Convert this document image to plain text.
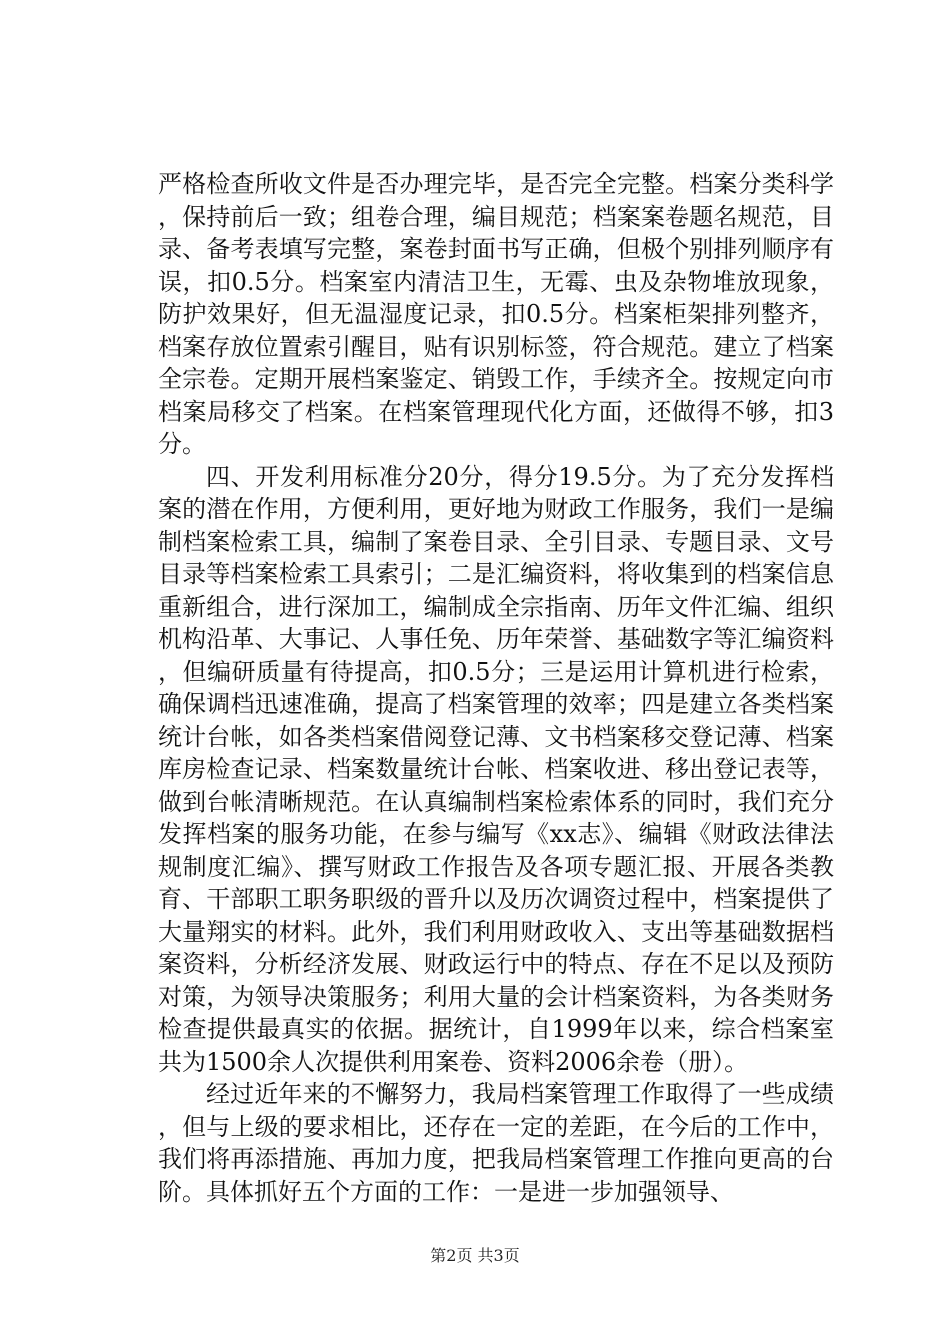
严格检查所收文件是否办理完毕，是否完全完整。档案分类科学，保持前后一致；组卷合理，编目规范；档案案卷题名规范，目录、备考表填写完整，案卷封面书写正确，但极个别排列顺序有误，扣0.5分。档案室内清洁卫生，无霉、虫及杂物堆放现象，防护效果好，但无温湿度记录，扣0.5分。档案柜架排列整齐，档案存放位置索引醒目，贴有识别标签，符合规范。建立了档案全宗卷。定期开展档案鉴定、销毁工作，手续齐全。按规定向市档案局移交了档案。在档案管理现代化方面，还做得不够，扣3分。

四、开发利用标准分20分，得分19.5分。为了充分发挥档案的潜在作用，方便利用，更好地为财政工作服务，我们一是编制档案检索工具，编制了案卷目录、全引目录、专题目录、文号目录等档案检索工具索引；二是汇编资料，将收集到的档案信息重新组合，进行深加工，编制成全宗指南、历年文件汇编、组织机构沿革、大事记、人事任免、历年荣誉、基础数字等汇编资料，但编研质量有待提高，扣0.5分；三是运用计算机进行检索，确保调档迅速准确，提高了档案管理的效率；四是建立各类档案统计台帐，如各类档案借阅登记薄、文书档案移交登记薄、档案库房检查记录、档案数量统计台帐、档案收进、移出登记表等，做到台帐清晰规范。在认真编制档案检索体系的同时，我们充分发挥档案的服务功能，在参与编写《xx志》、编辑《财政法律法规制度汇编》、撰写财政工作报告及各项专题汇报、开展各类教育、干部职工职务职级的晋升以及历次调资过程中，档案提供了大量翔实的材料。此外，我们利用财政收入、支出等基础数据档案资料，分析经济发展、财政运行中的特点、存在不足以及预防对策，为领导决策服务；利用大量的会计档案资料，为各类财务检查提供最真实的依据。据统计，自1999年以来，综合档案室共为1500余人次提供利用案卷、资料2006余卷（册）。

经过近年来的不懈努力，我局档案管理工作取得了一些成绩，但与上级的要求相比，还存在一定的差距，在今后的工作中，我们将再添措施、再加力度，把我局档案管理工作推向更高的台阶。具体抓好五个方面的工作：一是进一步加强领导、

第2页 共3页
